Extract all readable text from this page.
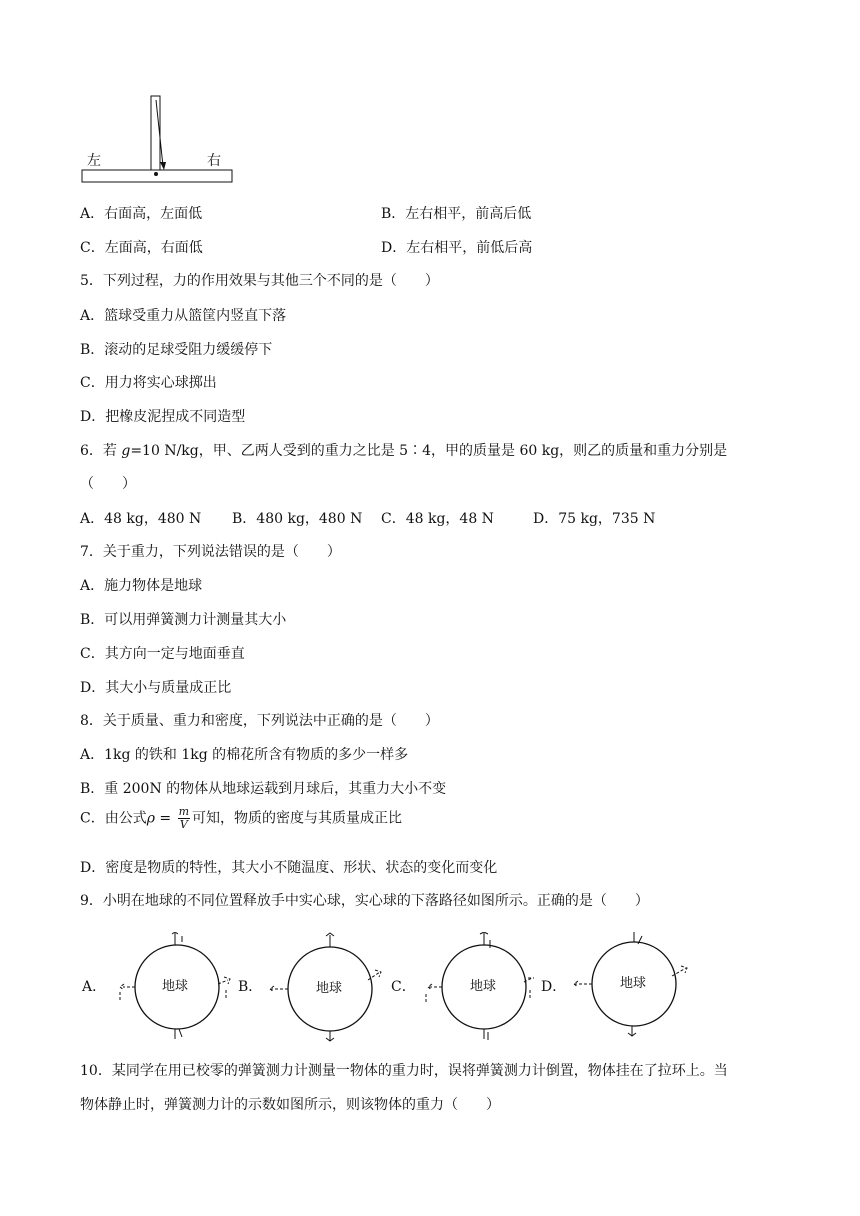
左	右
A．右面高，左面低	B．左右相平，前高后低
C．左面高，右面低	D．左右相平，前低后高
5．下列过程，力的作用效果与其他三个不同的是（　　）
A．篮球受重力从篮筐内竖直下落
B．滚动的足球受阻力缓缓停下
C．用力将实心球掷出
D．把橡皮泥捏成不同造型
6．若 g=10 N/kg，甲、乙两人受到的重力之比是 5∶4，甲的质量是 60 kg，则乙的质量和重力分别是
（　　）
A．48 kg，480 N B．480 kg，480 N C．48 kg，48 N	D．75 kg，735 N
7．关于重力，下列说法错误的是（　　）
A．施力物体是地球
B．可以用弹簧测力计测量其大小
C．其方向一定与地面垂直
D．其大小与质量成正比
8．关于质量、重力和密度，下列说法中正确的是（　　）
A．1kg 的铁和 1kg 的棉花所含有物质的多少一样多
B．重 200N 的物体从地球运载到月球后，其重力大小不变
C．由公式$\rho = \frac{m}{V}$ 可知，物质的密度与其质量成正比
D．密度是物质的特性，其大小不随温度、形状、状态的变化而变化
9．小明在地球的不同位置释放手中实心球，实心球的下落路径如图所示。正确的是（　　）
A．	B．	C．	D．
地球	地球	地球	地球
10．某同学在用已校零的弹簧测力计测量一物体的重力时，误将弹簧测力计倒置，物体挂在了拉环上。当
物体静止时，弹簧测力计的示数如图所示，则该物体的重力（　　）
